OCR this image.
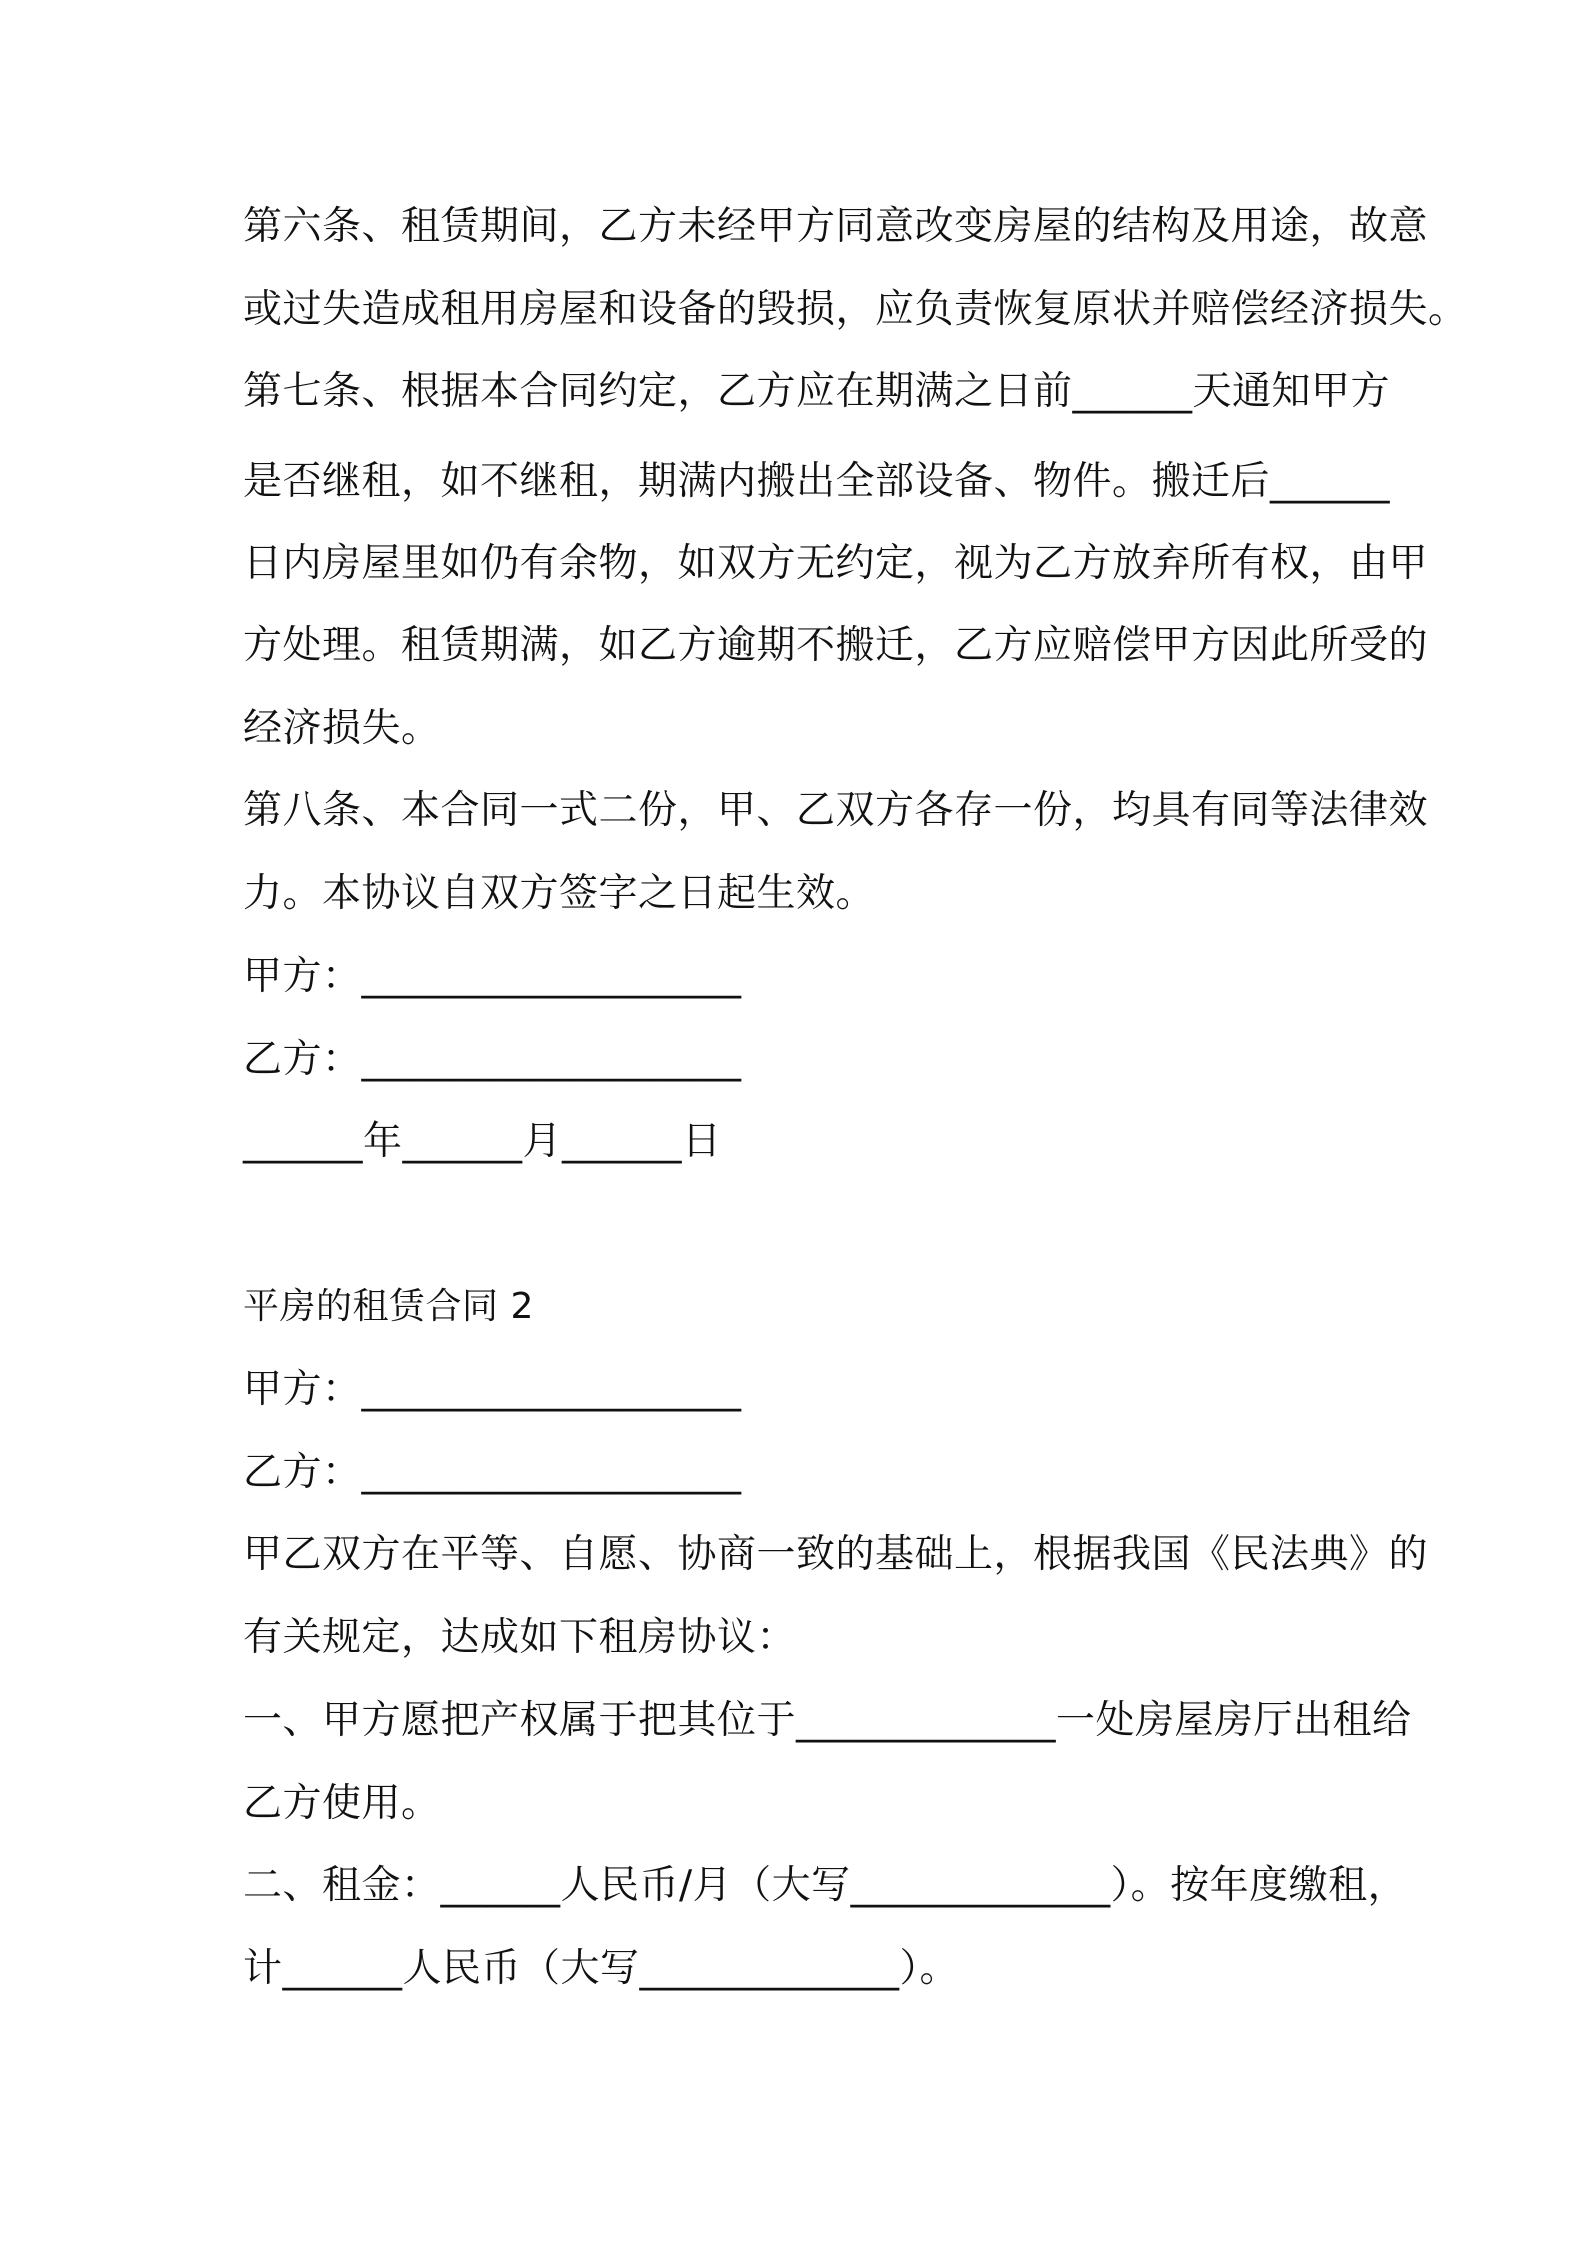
第六条、租赁期间，乙方未经甲方同意改变房屋的结构及用途，故意
或过失造成租用房屋和设备的毁损，应负责恢复原状并赔偿经济损失。
第七条、根据本合同约定，乙方应在期满之日前______天通知甲方
是否继租，如不继租，期满内搬出全部设备、物件。搬迁后______
日内房屋里如仍有余物，如双方无约定，视为乙方放弃所有权，由甲
方处理。租赁期满，如乙方逾期不搬迁，乙方应赔偿甲方因此所受的
经济损失。
第八条、本合同一式二份，甲、乙双方各存一份，均具有同等法律效
力。本协议自双方签字之日起生效。
甲方：___________________
乙方：___________________
______年______月______日
平房的租赁合同 2
甲方：___________________
乙方：___________________
甲乙双方在平等、自愿、协商一致的基础上，根据我国《民法典》的
有关规定，达成如下租房协议：
一、甲方愿把产权属于把其位于_____________一处房屋房厅出租给
乙方使用。
二、租金：______人民币/月（大写_____________）。按年度缴租，
计______人民币（大写_____________）。
